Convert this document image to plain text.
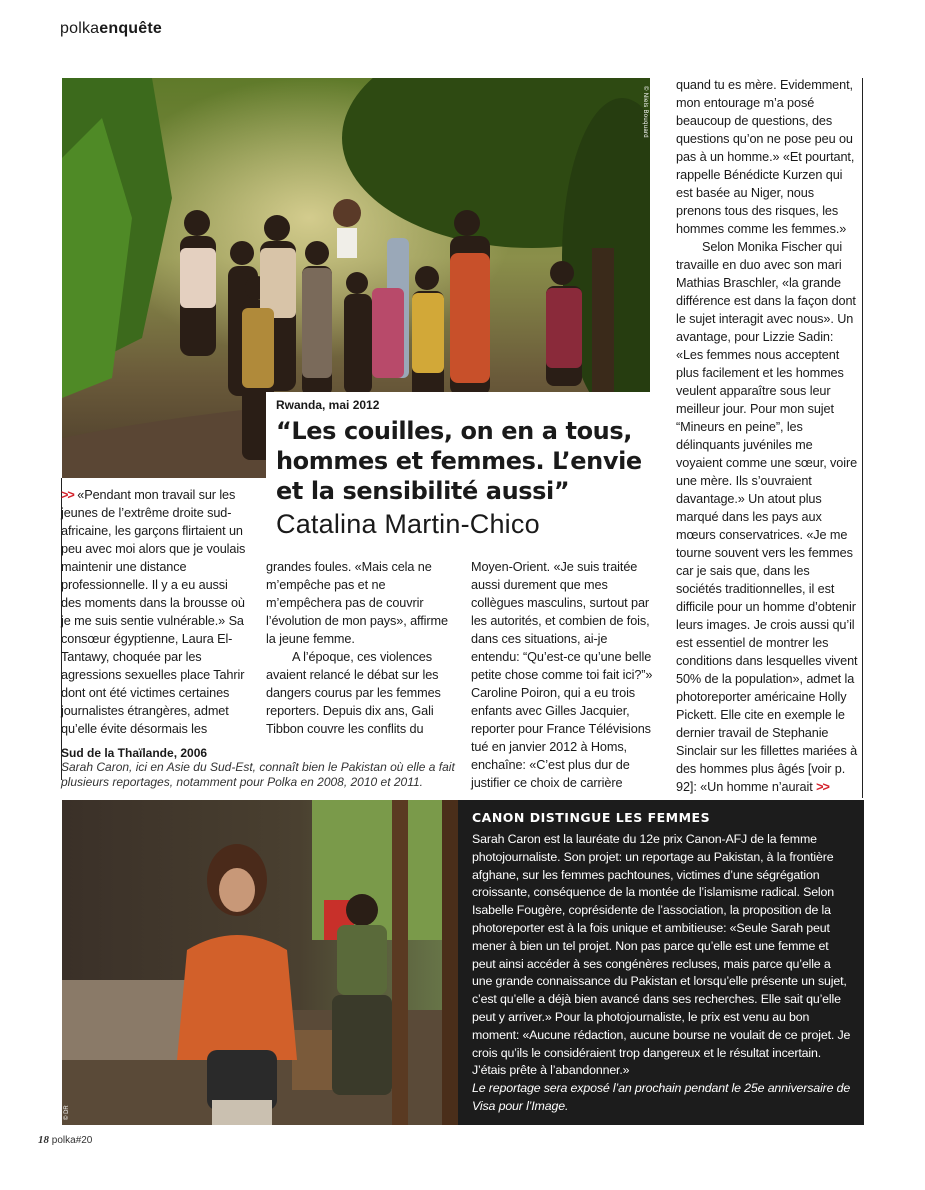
polkaenquête
© Niels Bouquard
Rwanda, mai 2012
“Les couilles, on en a tous, hommes et femmes. L’envie et la sensibilité aussi”
Catalina Martin-Chico

>> «Pendant mon travail sur les jeunes de l’extrême droite sud-africaine, les garçons flirtaient un peu avec moi alors que je voulais maintenir une distance professionnelle. Il y a eu aussi des moments dans la brousse où je me suis sentie vulnérable.» Sa consœur égyptienne, Laura El-Tantawy, choquée par les agressions sexuelles place Tahrir dont ont été victimes certaines journalistes étrangères, admet qu’elle évite désormais les

grandes foules. «Mais cela ne m’empêche pas et ne m’empêchera pas de couvrir l’évolution de mon pays», affirme la jeune femme.

A l’époque, ces violences avaient relancé le débat sur les dangers courus par les femmes reporters. Depuis dix ans, Gali Tibbon couvre les conflits du

Moyen-Orient. «Je suis traitée aussi durement que mes collègues masculins, surtout par les autorités, et combien de fois, dans ces situations, ai-je entendu: “Qu’est-ce qu’une belle petite chose comme toi fait ici?”» Caroline Poiron, qui a eu trois enfants avec Gilles Jacquier, reporter pour France Télévisions tué en janvier 2012 à Homs, enchaîne: «C’est plus dur de justifier ce choix de carrière

quand tu es mère. Evidemment, mon entourage m’a posé beaucoup de questions, des questions qu’on ne pose peu ou pas à un homme.» «Et pourtant, rappelle Bénédicte Kurzen qui est basée au Niger, nous prenons tous des risques, les hommes comme les femmes.»

Selon Monika Fischer qui travaille en duo avec son mari Mathias Braschler, «la grande différence est dans la façon dont le sujet interagit avec nous». Un avantage, pour Lizzie Sadin: «Les femmes nous acceptent plus facilement et les hommes veulent apparaître sous leur meilleur jour. Pour mon sujet “Mineurs en peine”, les délinquants juvéniles me voyaient comme une sœur, voire une mère. Ils s’ouvraient davantage.» Un atout plus marqué dans les pays aux mœurs conservatrices. «Je me tourne souvent vers les femmes car je sais que, dans les sociétés traditionnelles, il est difficile pour un homme d’obtenir leurs images. Je crois aussi qu’il est essentiel de montrer les conditions dans lesquelles vivent 50% de la population», admet la photoreporter américaine Holly Pickett. Elle cite en exemple le dernier travail de Stephanie Sinclair sur les fillettes mariées à des hommes plus âgés [voir p. 92]: «Un homme n’aurait >>

Sud de la Thaïlande, 2006
Sarah Caron, ici en Asie du Sud-Est, connaît bien le Pakistan où elle a fait plusieurs reportages, notamment pour Polka en 2008, 2010 et 2011.
© DR
CANON DISTINGUE LES FEMMES
Sarah Caron est la lauréate du 12e prix Canon-AFJ de la femme photojournaliste. Son projet: un reportage au Pakistan, à la frontière afghane, sur les femmes pachtounes, victimes d’une ségrégation croissante, conséquence de la montée de l’islamisme radical. Selon Isabelle Fougère, coprésidente de l’association, la proposition de la photoreporter est à la fois unique et ambitieuse: «Seule Sarah peut mener à bien un tel projet. Non pas parce qu’elle est une femme et peut ainsi accéder à ses congénères recluses, mais parce qu’elle a une grande connaissance du Pakistan et lorsqu’elle présente un sujet, c’est qu’elle a déjà bien avancé dans ses recherches. Elle sait qu’elle peut y arriver.» Pour la photojournaliste, le prix est venu au bon moment: «Aucune rédaction, aucune bourse ne voulait de ce projet. Je crois qu’ils le considéraient trop dangereux et le résultat incertain. J’étais prête à l’abandonner.»
Le reportage sera exposé l’an prochain pendant le 25e anniversaire de Visa pour l’Image.
18 polka#20
